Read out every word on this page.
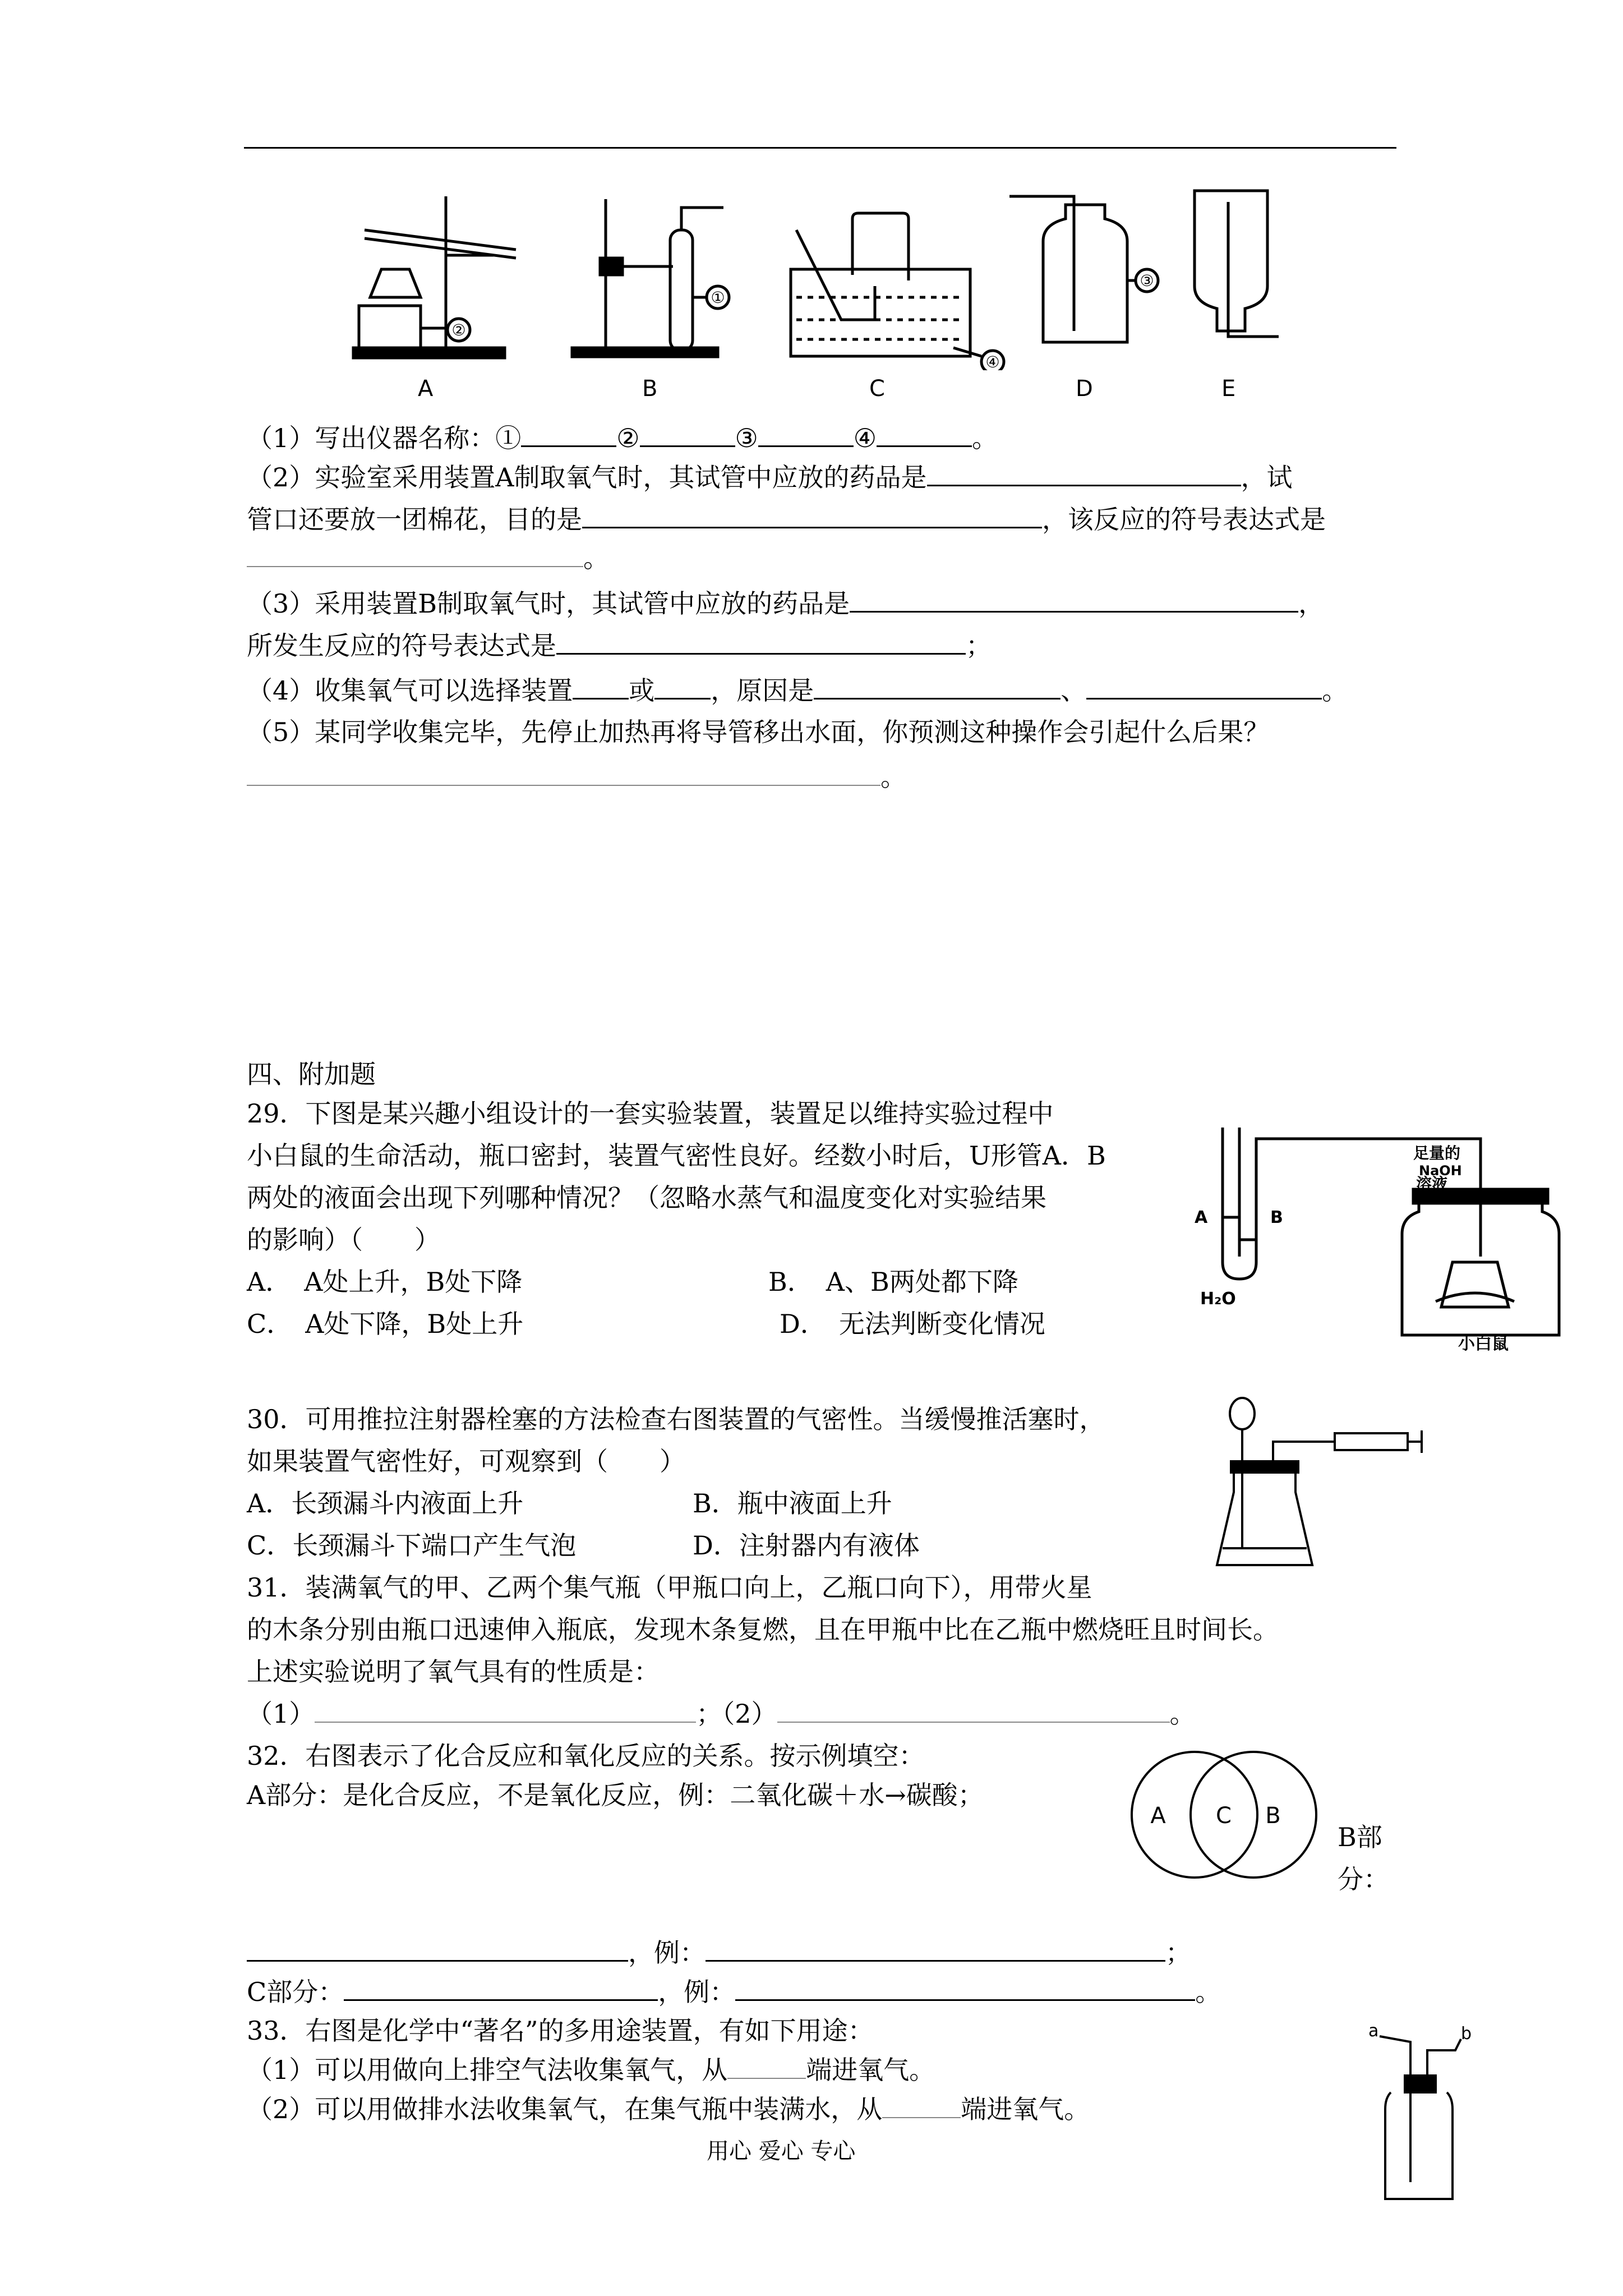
②
①
④
③
A	B	C	D	E
（1）写出仪器名称：①	②	③	④	。
（2）实验室采用装置A制取氧气时，其试管中应放的药品是	，试
管口还要放一团棉花，目的是	，该反应的符号表达式是
。
（3）采用装置B制取氧气时，其试管中应放的药品是	，
所发生反应的符号表达式是	；
（4）收集氧气可以选择装置 或 ，原因是	、	。
（5）某同学收集完毕，先停止加热再将导管移出水面，你预测这种操作会引起什么后果？
。
四、附加题
29．下图是某兴趣小组设计的一套实验装置，装置足以维持实验过程中
小白鼠的生命活动，瓶口密封，装置气密性良好。经数小时后，U形管A．B
两处的液面会出现下列哪种情况？（忽略水蒸气和温度变化对实验结果
的影响）（　　）
A．　A处上升，B处下降	B．　A、B两处都下降
C．　A处下降，B处上升	D．　无法判断变化情况
A	B
H₂O
足量的
NaOH
溶液
小白鼠
30．可用推拉注射器栓塞的方法检查右图装置的气密性。当缓慢推活塞时，
如果装置气密性好，可观察到（　　）
A．长颈漏斗内液面上升	B．瓶中液面上升
C．长颈漏斗下端口产生气泡	D．注射器内有液体
31．装满氧气的甲、乙两个集气瓶（甲瓶口向上，乙瓶口向下），用带火星
的木条分别由瓶口迅速伸入瓶底，发现木条复燃，且在甲瓶中比在乙瓶中燃烧旺且时间长。
上述实验说明了氧气具有的性质是：
（1）	；（2）	。
32．右图表示了化合反应和氧化反应的关系。按示例填空：
A部分：是化合反应，不是氧化反应，例：二氧化碳＋水→碳酸；
A C B
B部
分：
，例：	；
C部分：	，例：	。
33．右图是化学中“著名”的多用途装置，有如下用途：
（1）可以用做向上排空气法收集氧气，从	端进氧气。
（2）可以用做排水法收集氧气，在集气瓶中装满水，从	端进氧气。
a	b
用心 爱心 专心
